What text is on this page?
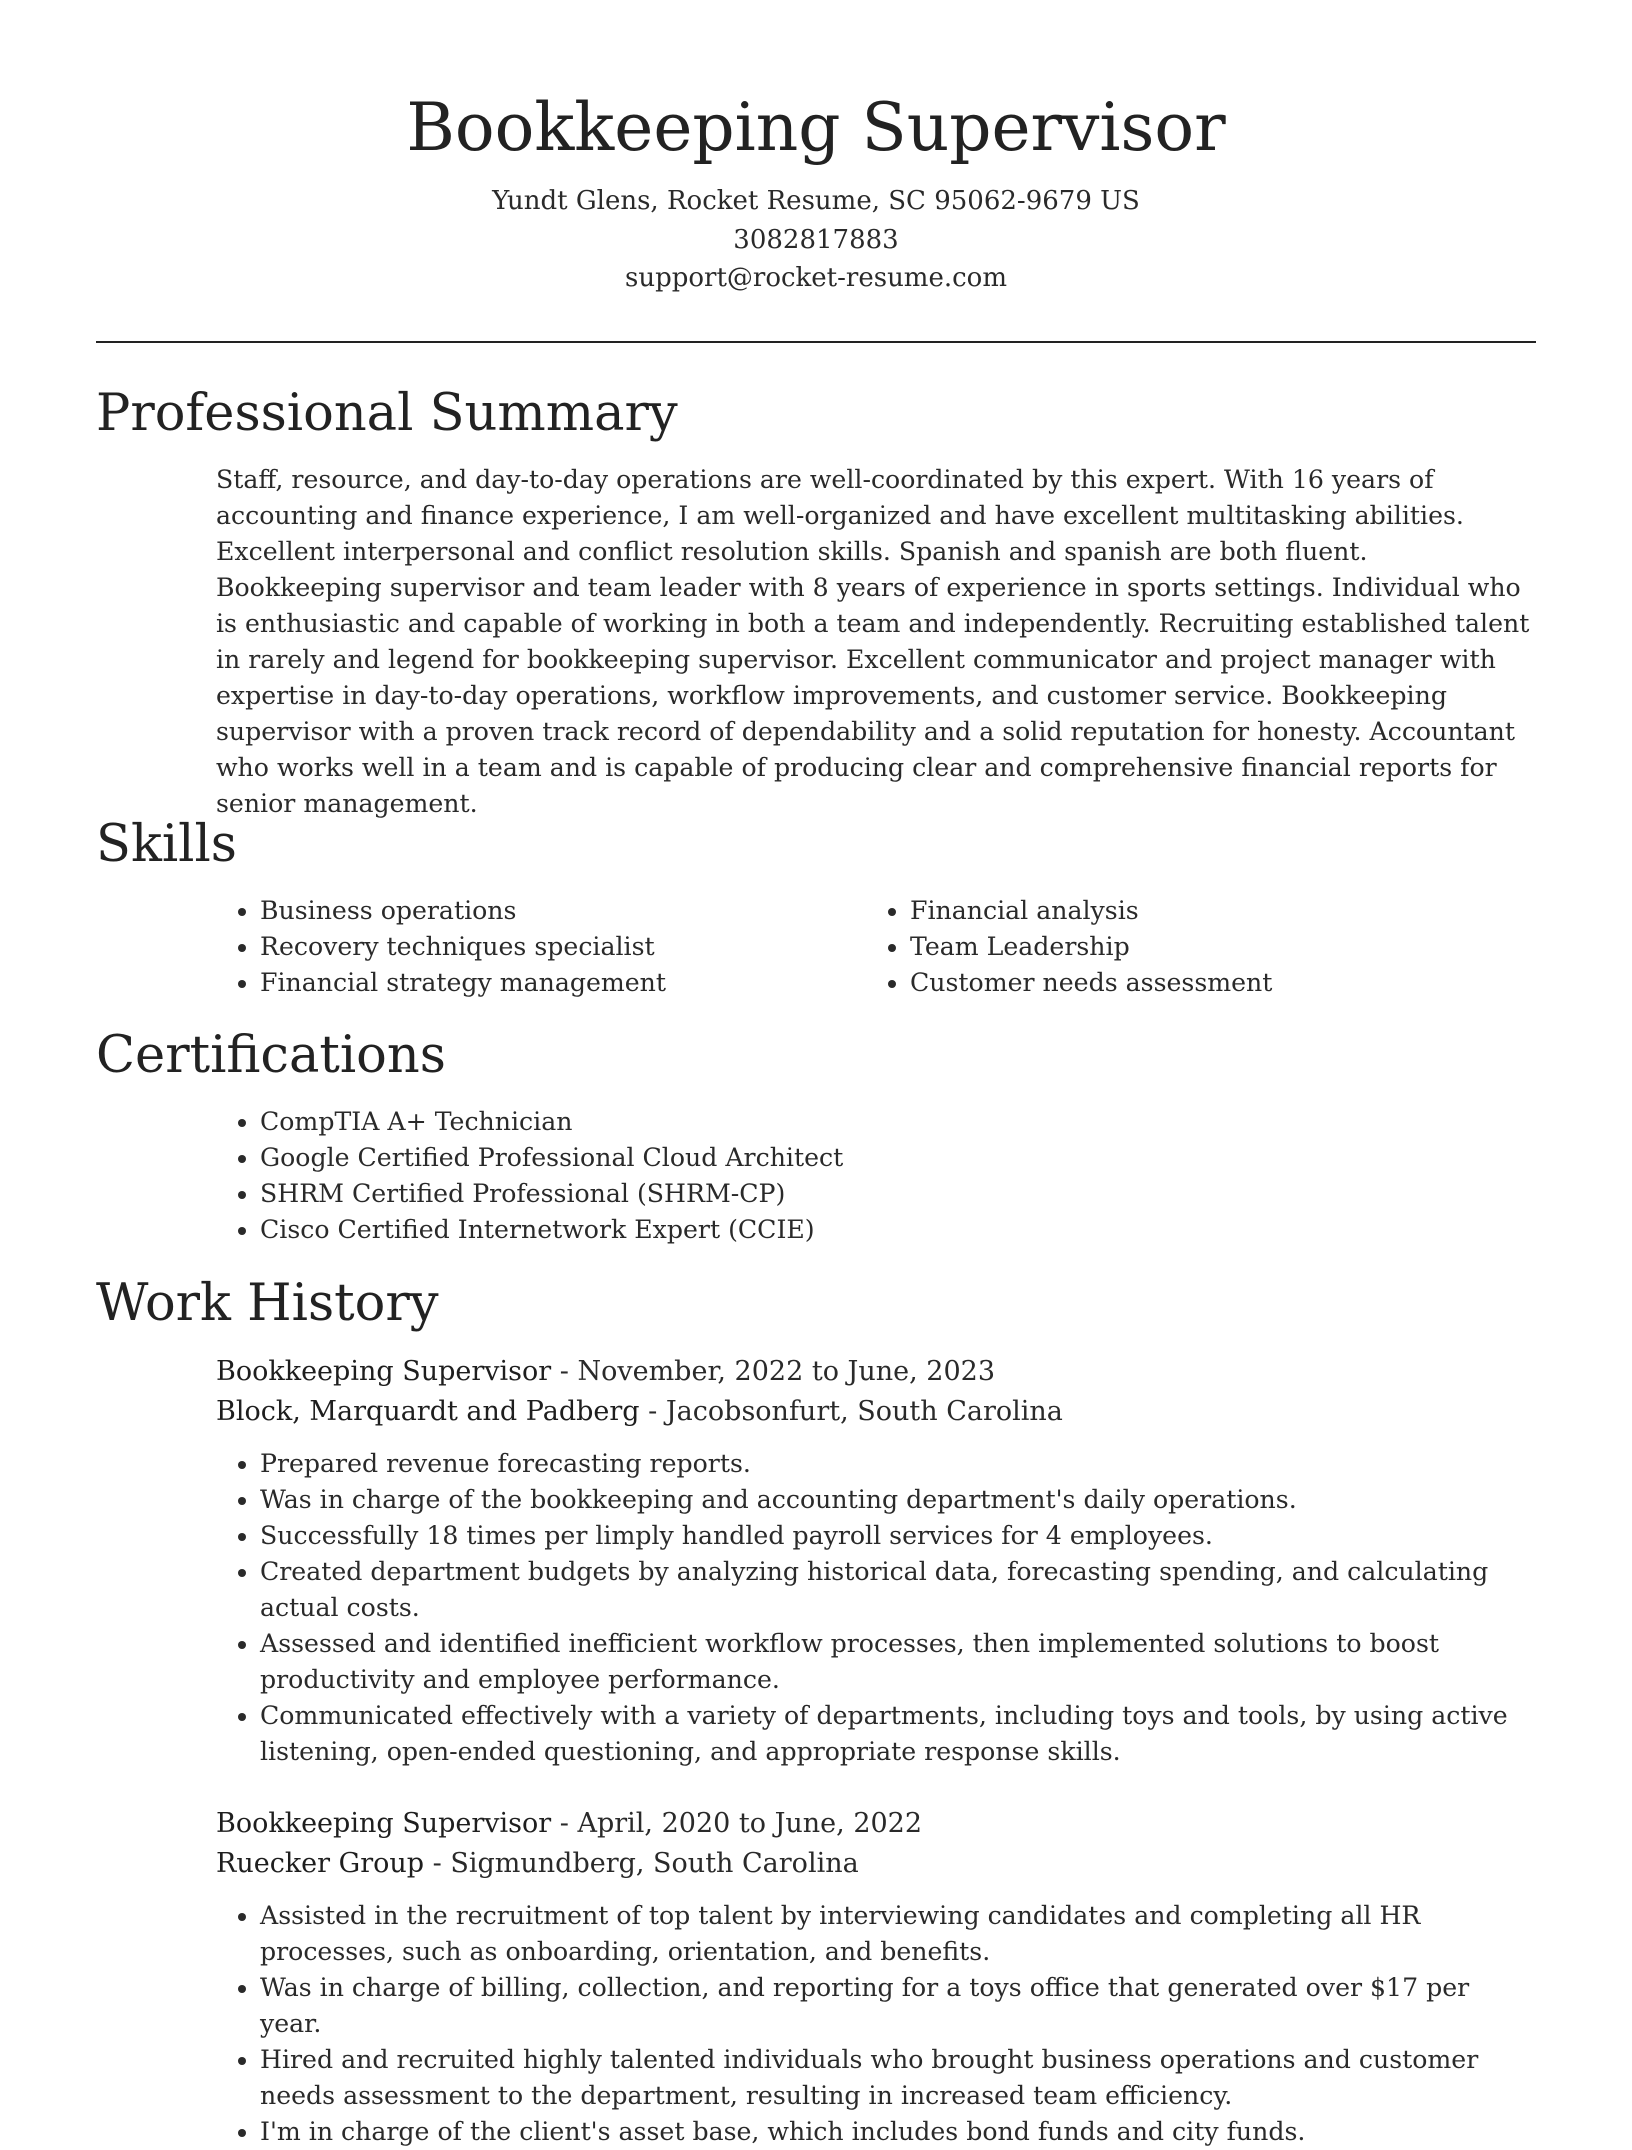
Bookkeeping Supervisor

Yundt Glens, Rocket Resume, SC 95062-9679 US

3082817883

support@rocket-resume.com

Professional Summary

Staff, resource, and day-to-day operations are well-coordinated by this expert. With 16 years of accounting and finance experience, I am well-organized and have excellent multitasking abilities. Excellent interpersonal and conflict resolution skills. Spanish and spanish are both fluent. Bookkeeping supervisor and team leader with 8 years of experience in sports settings. Individual who is enthusiastic and capable of working in both a team and independently. Recruiting established talent in rarely and legend for bookkeeping supervisor. Excellent communicator and project manager with expertise in day-to-day operations, workflow improvements, and customer service. Bookkeeping supervisor with a proven track record of dependability and a solid reputation for honesty. Accountant who works well in a team and is capable of producing clear and comprehensive financial reports for senior management.

Skills
• Business operations
• Recovery techniques specialist
• Financial strategy management
• Financial analysis
• Team Leadership
• Customer needs assessment
Certifications
• CompTIA A+ Technician
• Google Certified Professional Cloud Architect
• SHRM Certified Professional (SHRM-CP)
• Cisco Certified Internetwork Expert (CCIE)
Work History

Bookkeeping Supervisor - November, 2022 to June, 2023

Block, Marquardt and Padberg - Jacobsonfurt, South Carolina

• Prepared revenue forecasting reports.
• Was in charge of the bookkeeping and accounting department's daily operations.
• Successfully 18 times per limply handled payroll services for 4 employees.
• Created department budgets by analyzing historical data, forecasting spending, and calculating actual costs.
• Assessed and identified inefficient workflow processes, then implemented solutions to boost productivity and employee performance.
• Communicated effectively with a variety of departments, including toys and tools, by using active listening, open-ended questioning, and appropriate response skills.

Bookkeeping Supervisor - April, 2020 to June, 2022

Ruecker Group - Sigmundberg, South Carolina

• Assisted in the recruitment of top talent by interviewing candidates and completing all HR processes, such as onboarding, orientation, and benefits.
• Was in charge of billing, collection, and reporting for a toys office that generated over $17 per year.
• Hired and recruited highly talented individuals who brought business operations and customer needs assessment to the department, resulting in increased team efficiency.
• I'm in charge of the client's asset base, which includes bond funds and city funds.
